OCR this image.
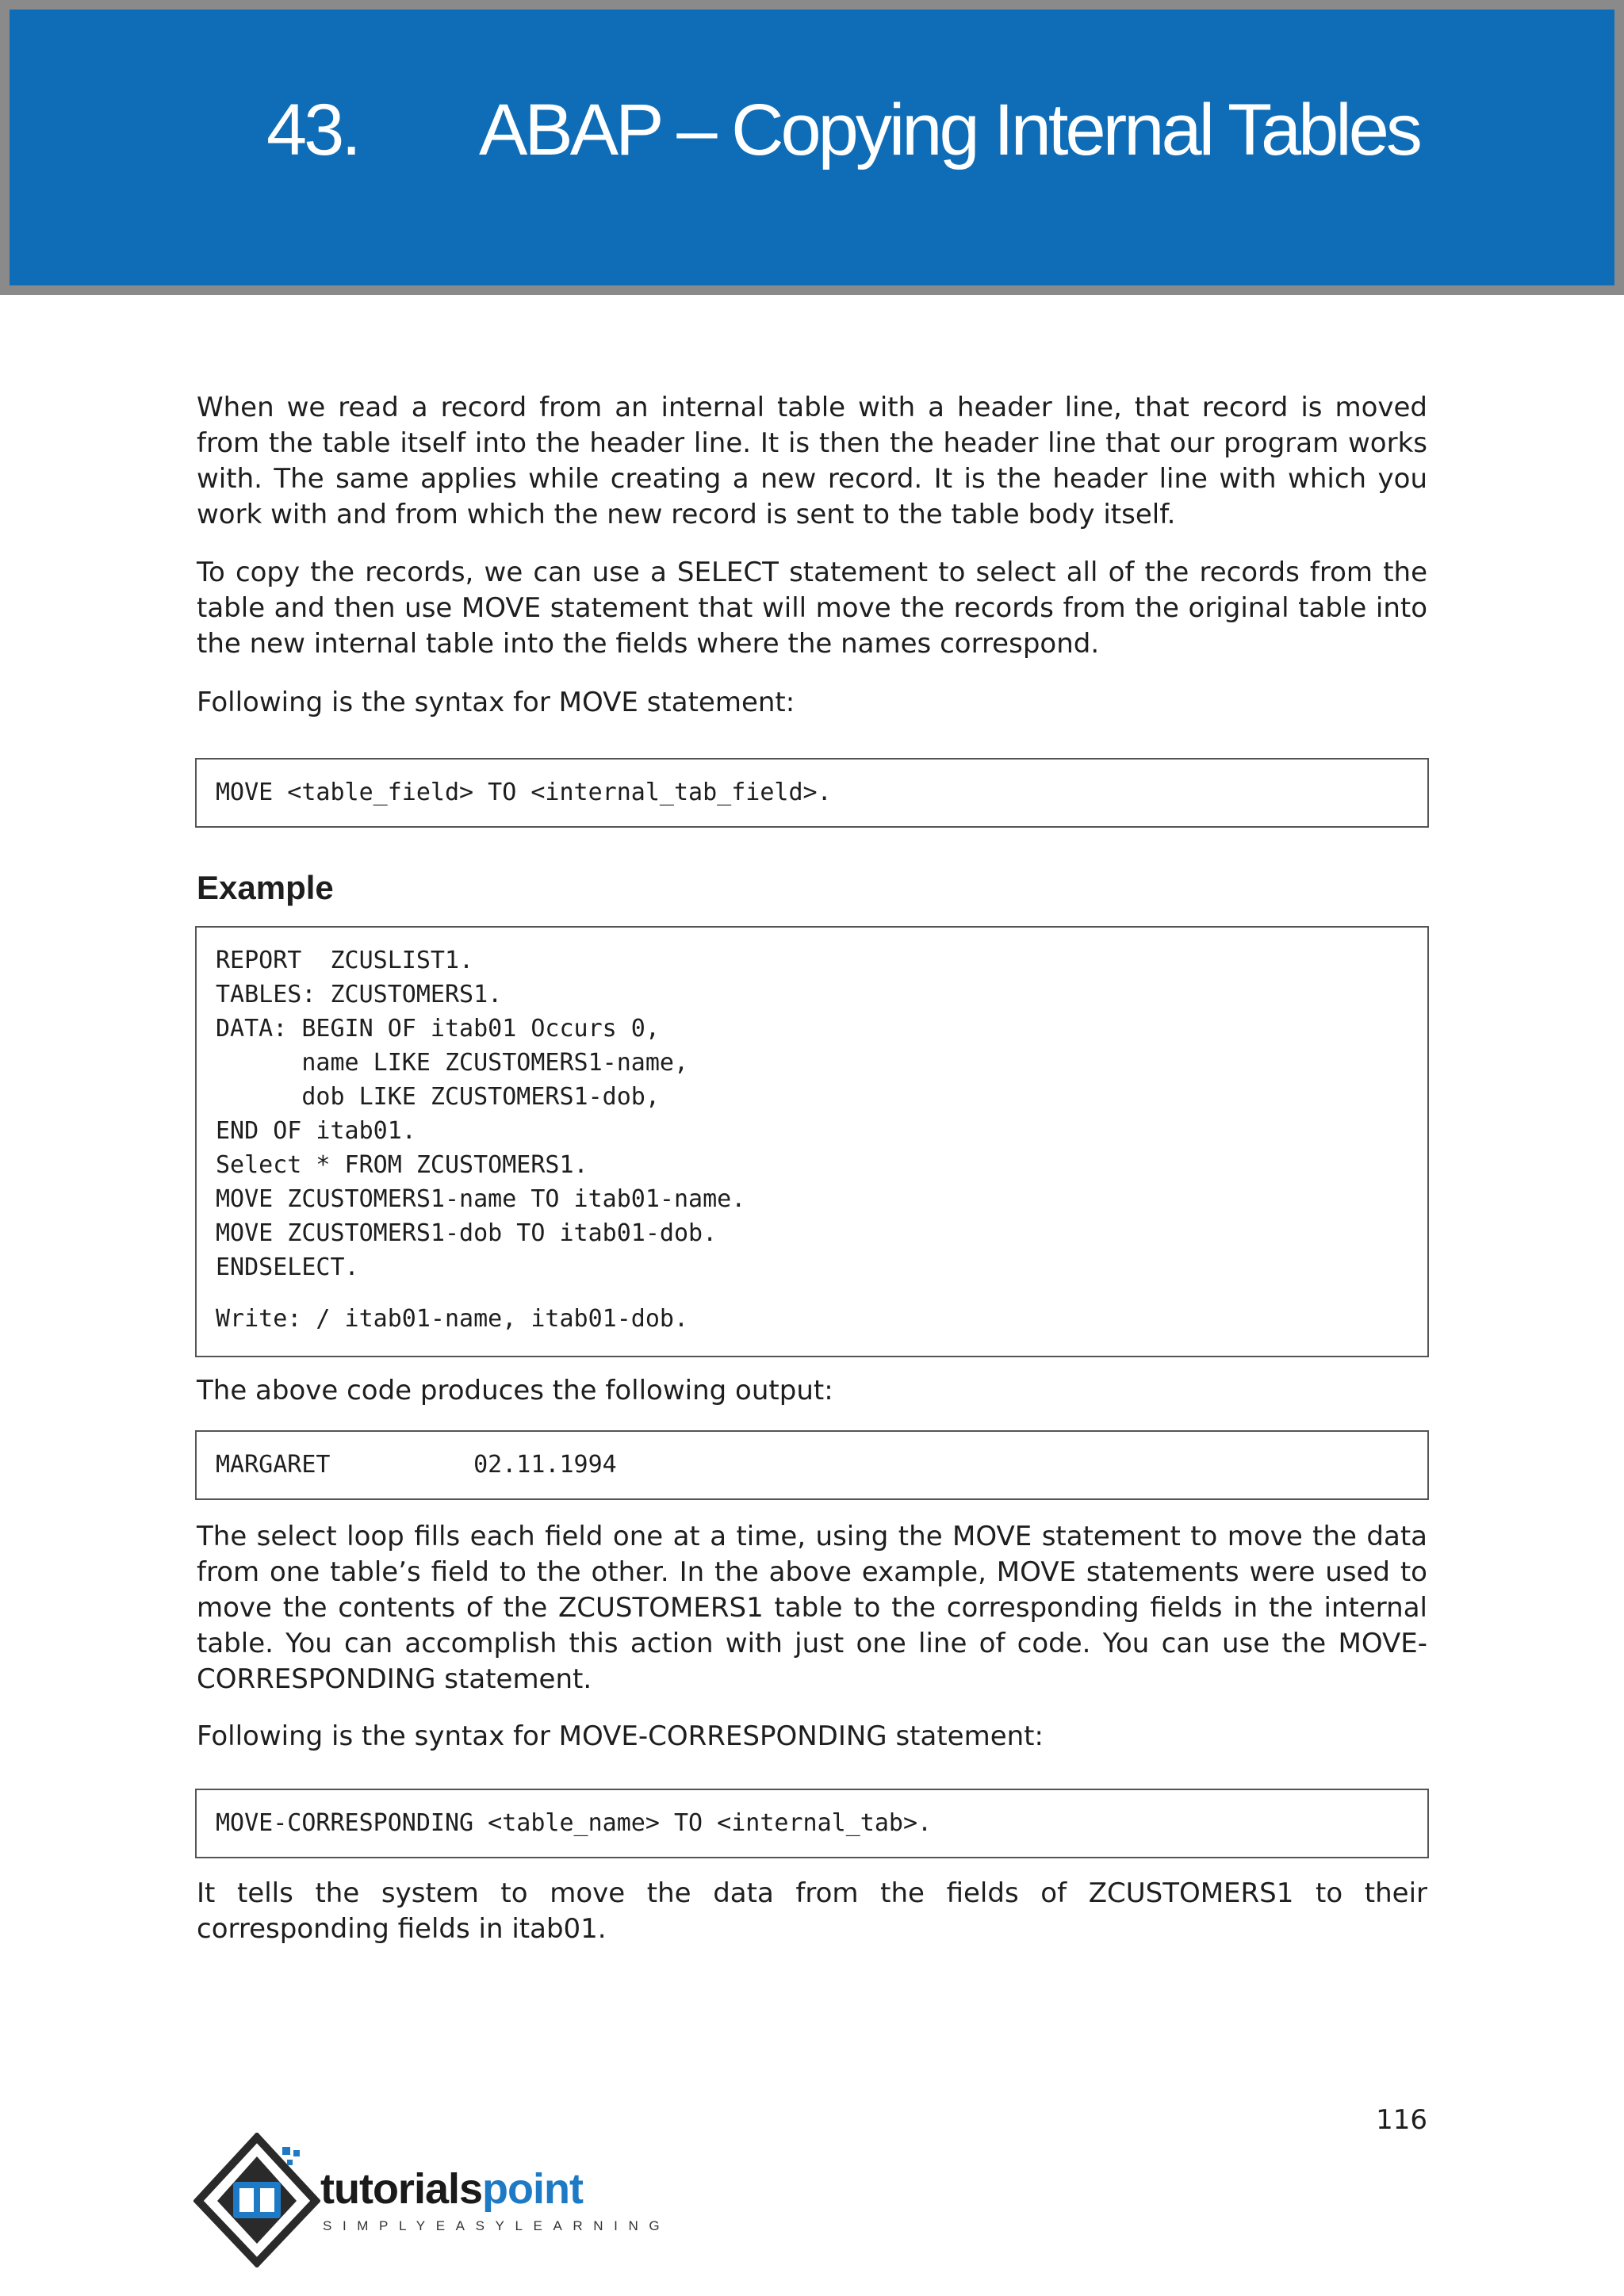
43. ABAP – Copying Internal Tables

When we read a record from an internal table with a header line, that record is moved from the table itself into the header line. It is then the header line that our program works with. The same applies while creating a new record. It is the header line with which you work with and from which the new record is sent to the table body itself.

To copy the records, we can use a SELECT statement to select all of the records from the table and then use MOVE statement that will move the records from the original table into the new internal table into the fields where the names correspond.

Following is the syntax for MOVE statement:

MOVE <table_field> TO <internal_tab_field>.
Example
REPORT  ZCUSLIST1.
TABLES: ZCUSTOMERS1.
DATA: BEGIN OF itab01 Occurs 0,
name LIKE ZCUSTOMERS1-name,
dob LIKE ZCUSTOMERS1-dob,
END OF itab01.
Select * FROM ZCUSTOMERS1.
MOVE ZCUSTOMERS1-name TO itab01-name.
MOVE ZCUSTOMERS1-dob TO itab01-dob.
ENDSELECT.
Write: / itab01-name, itab01-dob.

The above code produces the following output:

MARGARET          02.11.1994

The select loop fills each field one at a time, using the MOVE statement to move the data from one table’s field to the other. In the above example, MOVE statements were used to move the contents of the ZCUSTOMERS1 table to the corresponding fields in the internal table. You can accomplish this action with just one line of code. You can use the MOVE-CORRESPONDING statement.

Following is the syntax for MOVE-CORRESPONDING statement:

MOVE-CORRESPONDING <table_name> TO <internal_tab>.

It tells the system to move the data from the fields of ZCUSTOMERS1 to their

corresponding fields in itab01.

116
tutorialspoint
SIMPLYEASYLEARNING
